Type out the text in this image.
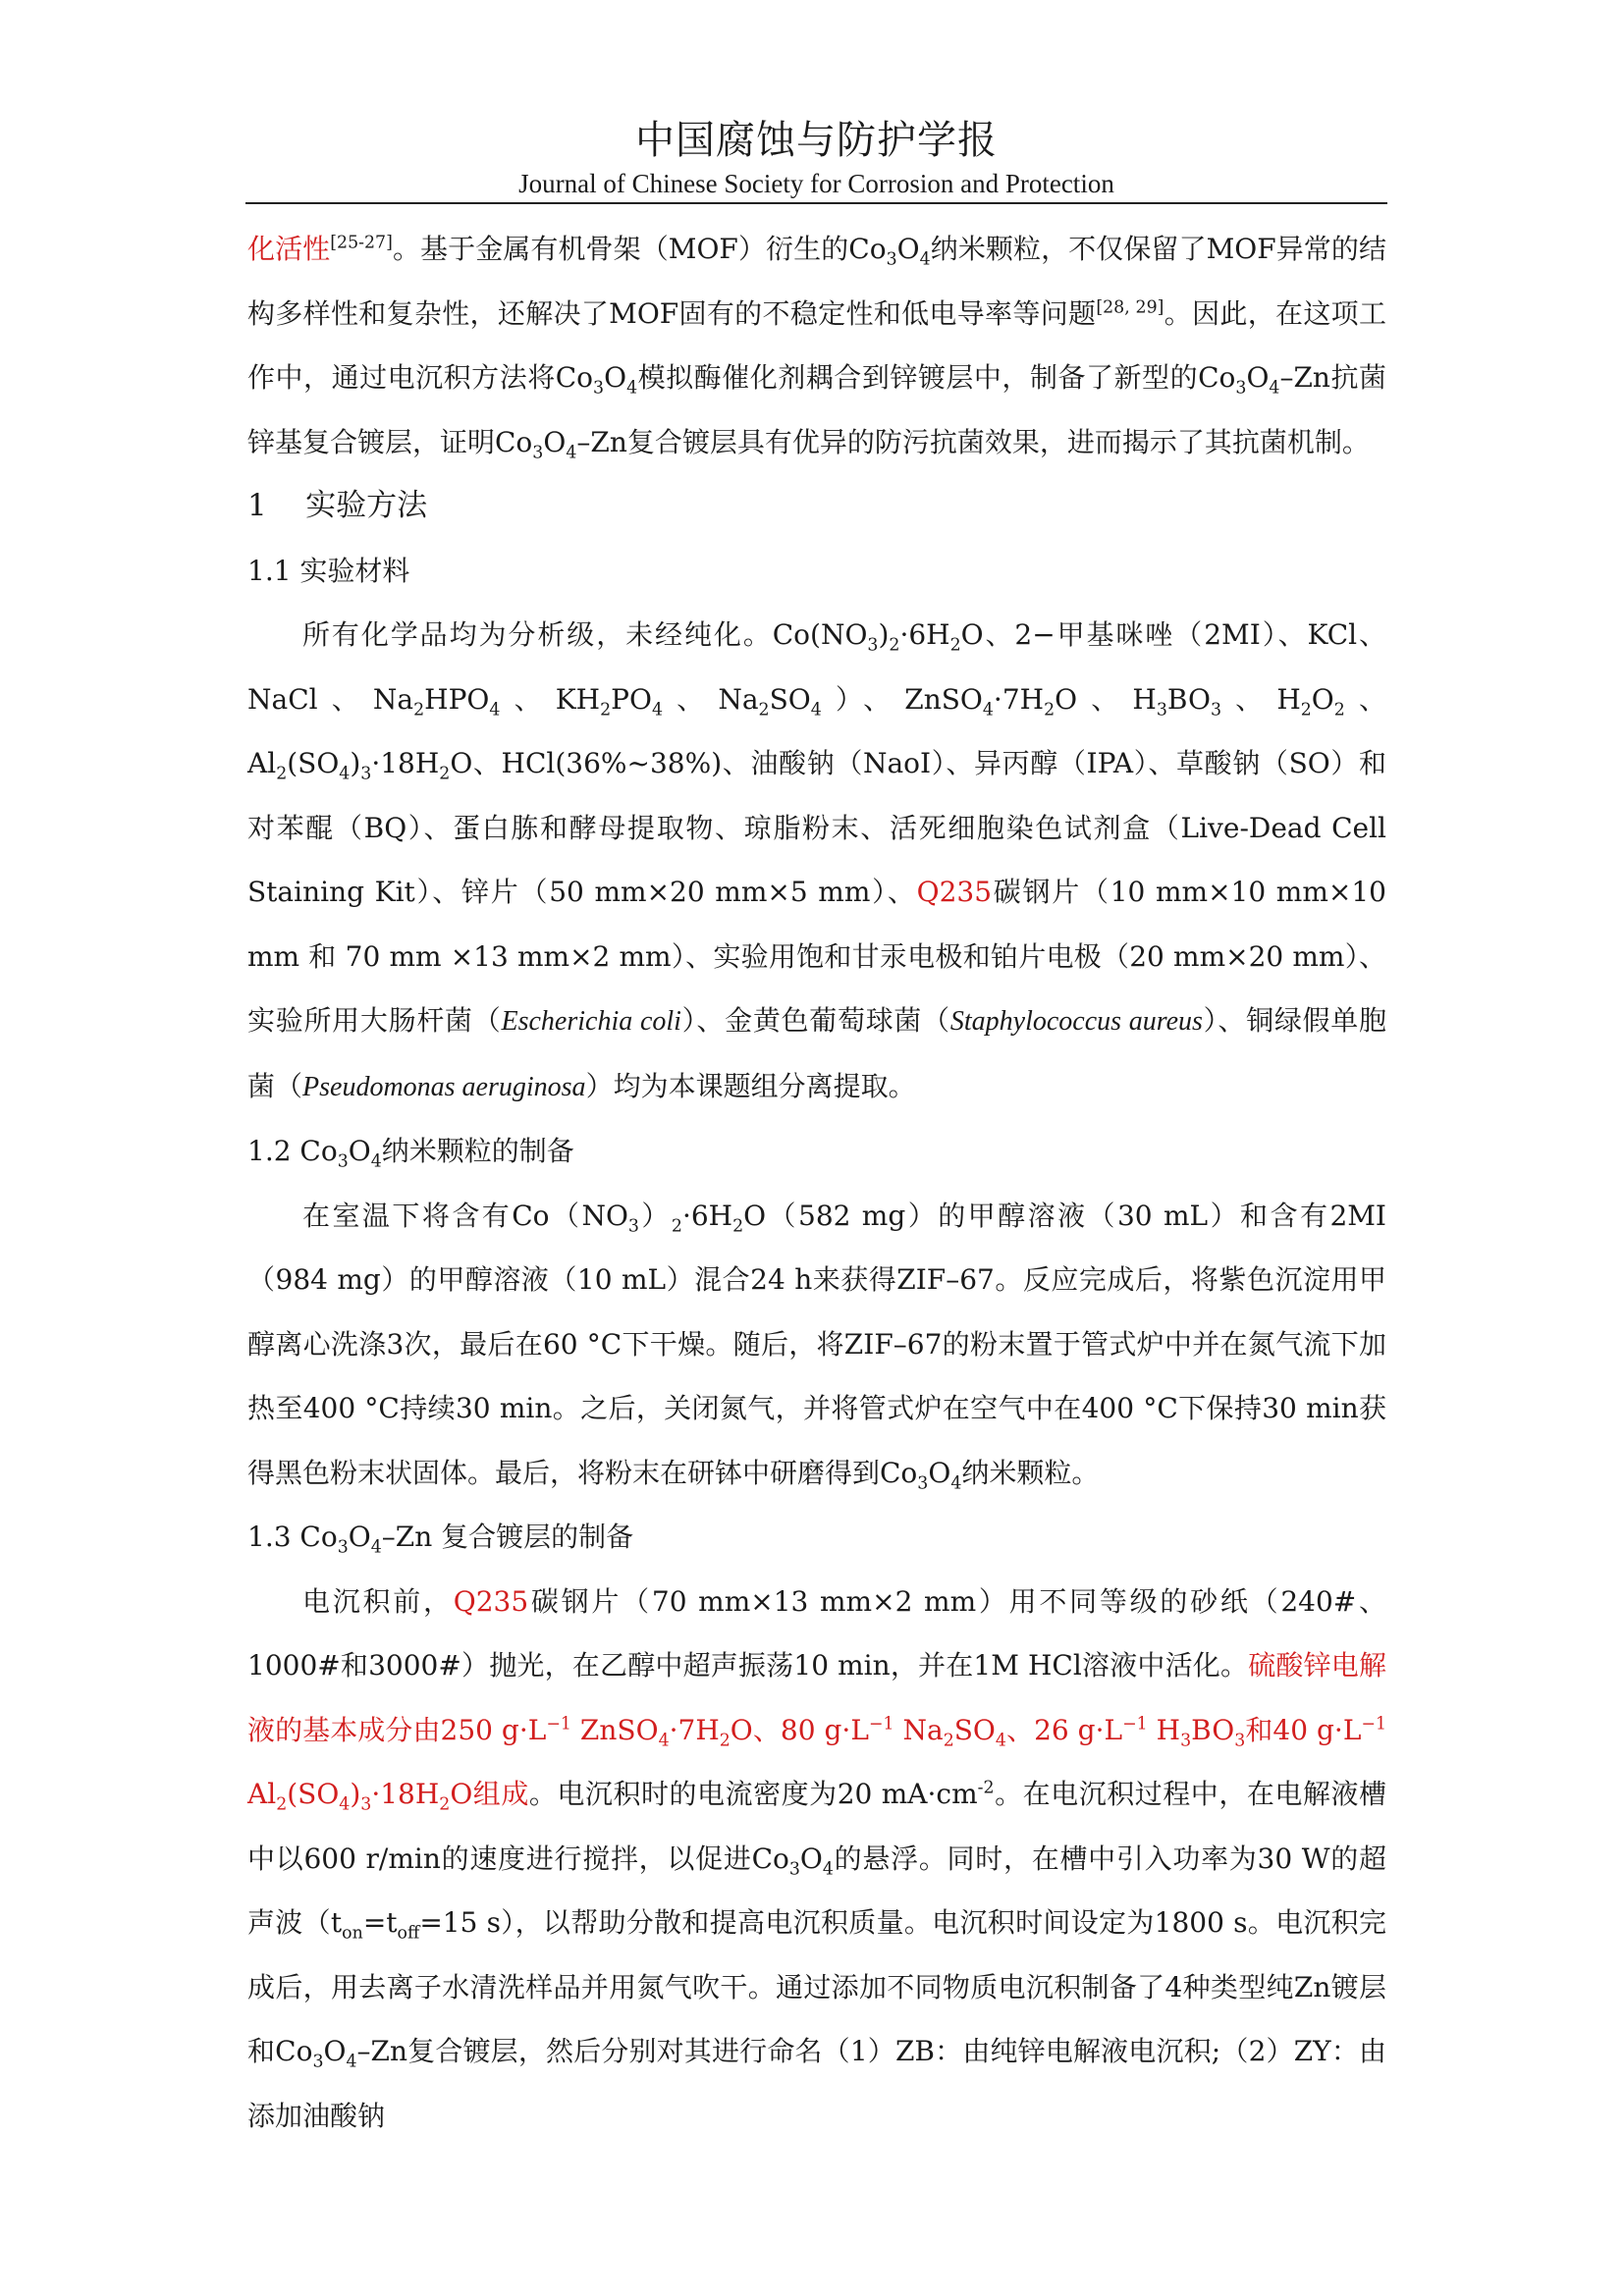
中国腐蚀与防护学报
Journal of Chinese Society for Corrosion and Protection

化活性[25-27]。基于金属有机骨架（MOF）衍生的$Co_3O_4$纳米颗粒，不仅保留了MOF异常的结构多样性和复杂性，还解决了MOF固有的不稳定性和低电导率等问题[28, 29]。因此，在这项工作中，通过电沉积方法将$Co_3O_4$模拟酶催化剂耦合到锌镀层中，制备了新型的$Co_3O_4-Zn$抗菌锌基复合镀层，证明$Co_3O_4-Zn$复合镀层具有优异的防污抗菌效果，进而揭示了其抗菌机制。

1 实验方法

1.1 实验材料

所有化学品均为分析级，未经纯化。$Co(NO_3)_2\cdot 6H_2O$、2−甲基咪唑（2MI）、KCl、NaCl、$Na_2HPO_4$、$KH_2PO_4$、$Na_2SO_4$）、$ZnSO_4\cdot 7H_2O$、$H_3BO_3$、$H_2O_2$、$Al_2(SO_4)_3\cdot 18H_2O$、HCl(36%~38%)、油酸钠（NaoI）、异丙醇（IPA）、草酸钠（SO）和对苯醌（BQ）、蛋白胨和酵母提取物、琼脂粉末、活死细胞染色试剂盒（Live-Dead Cell Staining Kit）、锌片（50 mm×20 mm×5 mm）、Q235碳钢片（10 mm×10 mm×10 mm 和 70 mm ×13 mm×2 mm）、实验用饱和甘汞电极和铂片电极（20 mm×20 mm）、实验所用大肠杆菌（Escherichia coli）、金黄色葡萄球菌（Staphylococcus aureus）、铜绿假单胞菌（Pseudomonas aeruginosa）均为本课题组分离提取。

1.2 $Co_3O_4$纳米颗粒的制备

在室温下将含有$Co(NO_3)_2\cdot 6H_2O(582$ mg）的甲醇溶液（30 mL）和含有2MI（984 mg）的甲醇溶液（10 mL）混合24 h来获得ZIF–67。反应完成后，将紫色沉淀用甲醇离心洗涤3次，最后在60 °C下干燥。随后，将ZIF–67的粉末置于管式炉中并在氮气流下加热至400 °C持续30 min。之后，关闭氮气，并将管式炉在空气中在400 °C下保持30 min获得黑色粉末状固体。最后，将粉末在研钵中研磨得到$Co_3O_4$纳米颗粒。

1.3 $Co_3O_4-Zn$ 复合镀层的制备

电沉积前，Q235碳钢片（70 mm×13 mm×2 mm）用不同等级的砂纸（240#、1000#和3000#）抛光，在乙醇中超声振荡10 min，并在1M HCl溶液中活化。硫酸锌电解液的基本成分由250 $g\cdot L^{-1}$ $ZnSO_4\cdot 7H_2O$、80 $g\cdot L^{-1}$ $Na_2SO_4$、26 $g\cdot L^{-1}$ $H_3BO_3$和40 $g\cdot L^{-1}$ $Al_2(SO_4)_3\cdot 18H_2O$组成。电沉积时的电流密度为20 $mA\cdot cm^{-2}$。在电沉积过程中，在电解液槽中以600 r/min的速度进行搅拌，以促进$Co_3O_4$的悬浮。同时，在槽中引入功率为30 W的超声波（$t_{on}=t_{off}=15$ s），以帮助分散和提高电沉积质量。电沉积时间设定为1800 s。电沉积完成后，用去离子水清洗样品并用氮气吹干。通过添加不同物质电沉积制备了4种类型纯Zn镀层和$Co_3O_4-Zn$复合镀层，然后分别对其进行命名（1）ZB：由纯锌电解液电沉积;（2）ZY：由添加油酸钠
